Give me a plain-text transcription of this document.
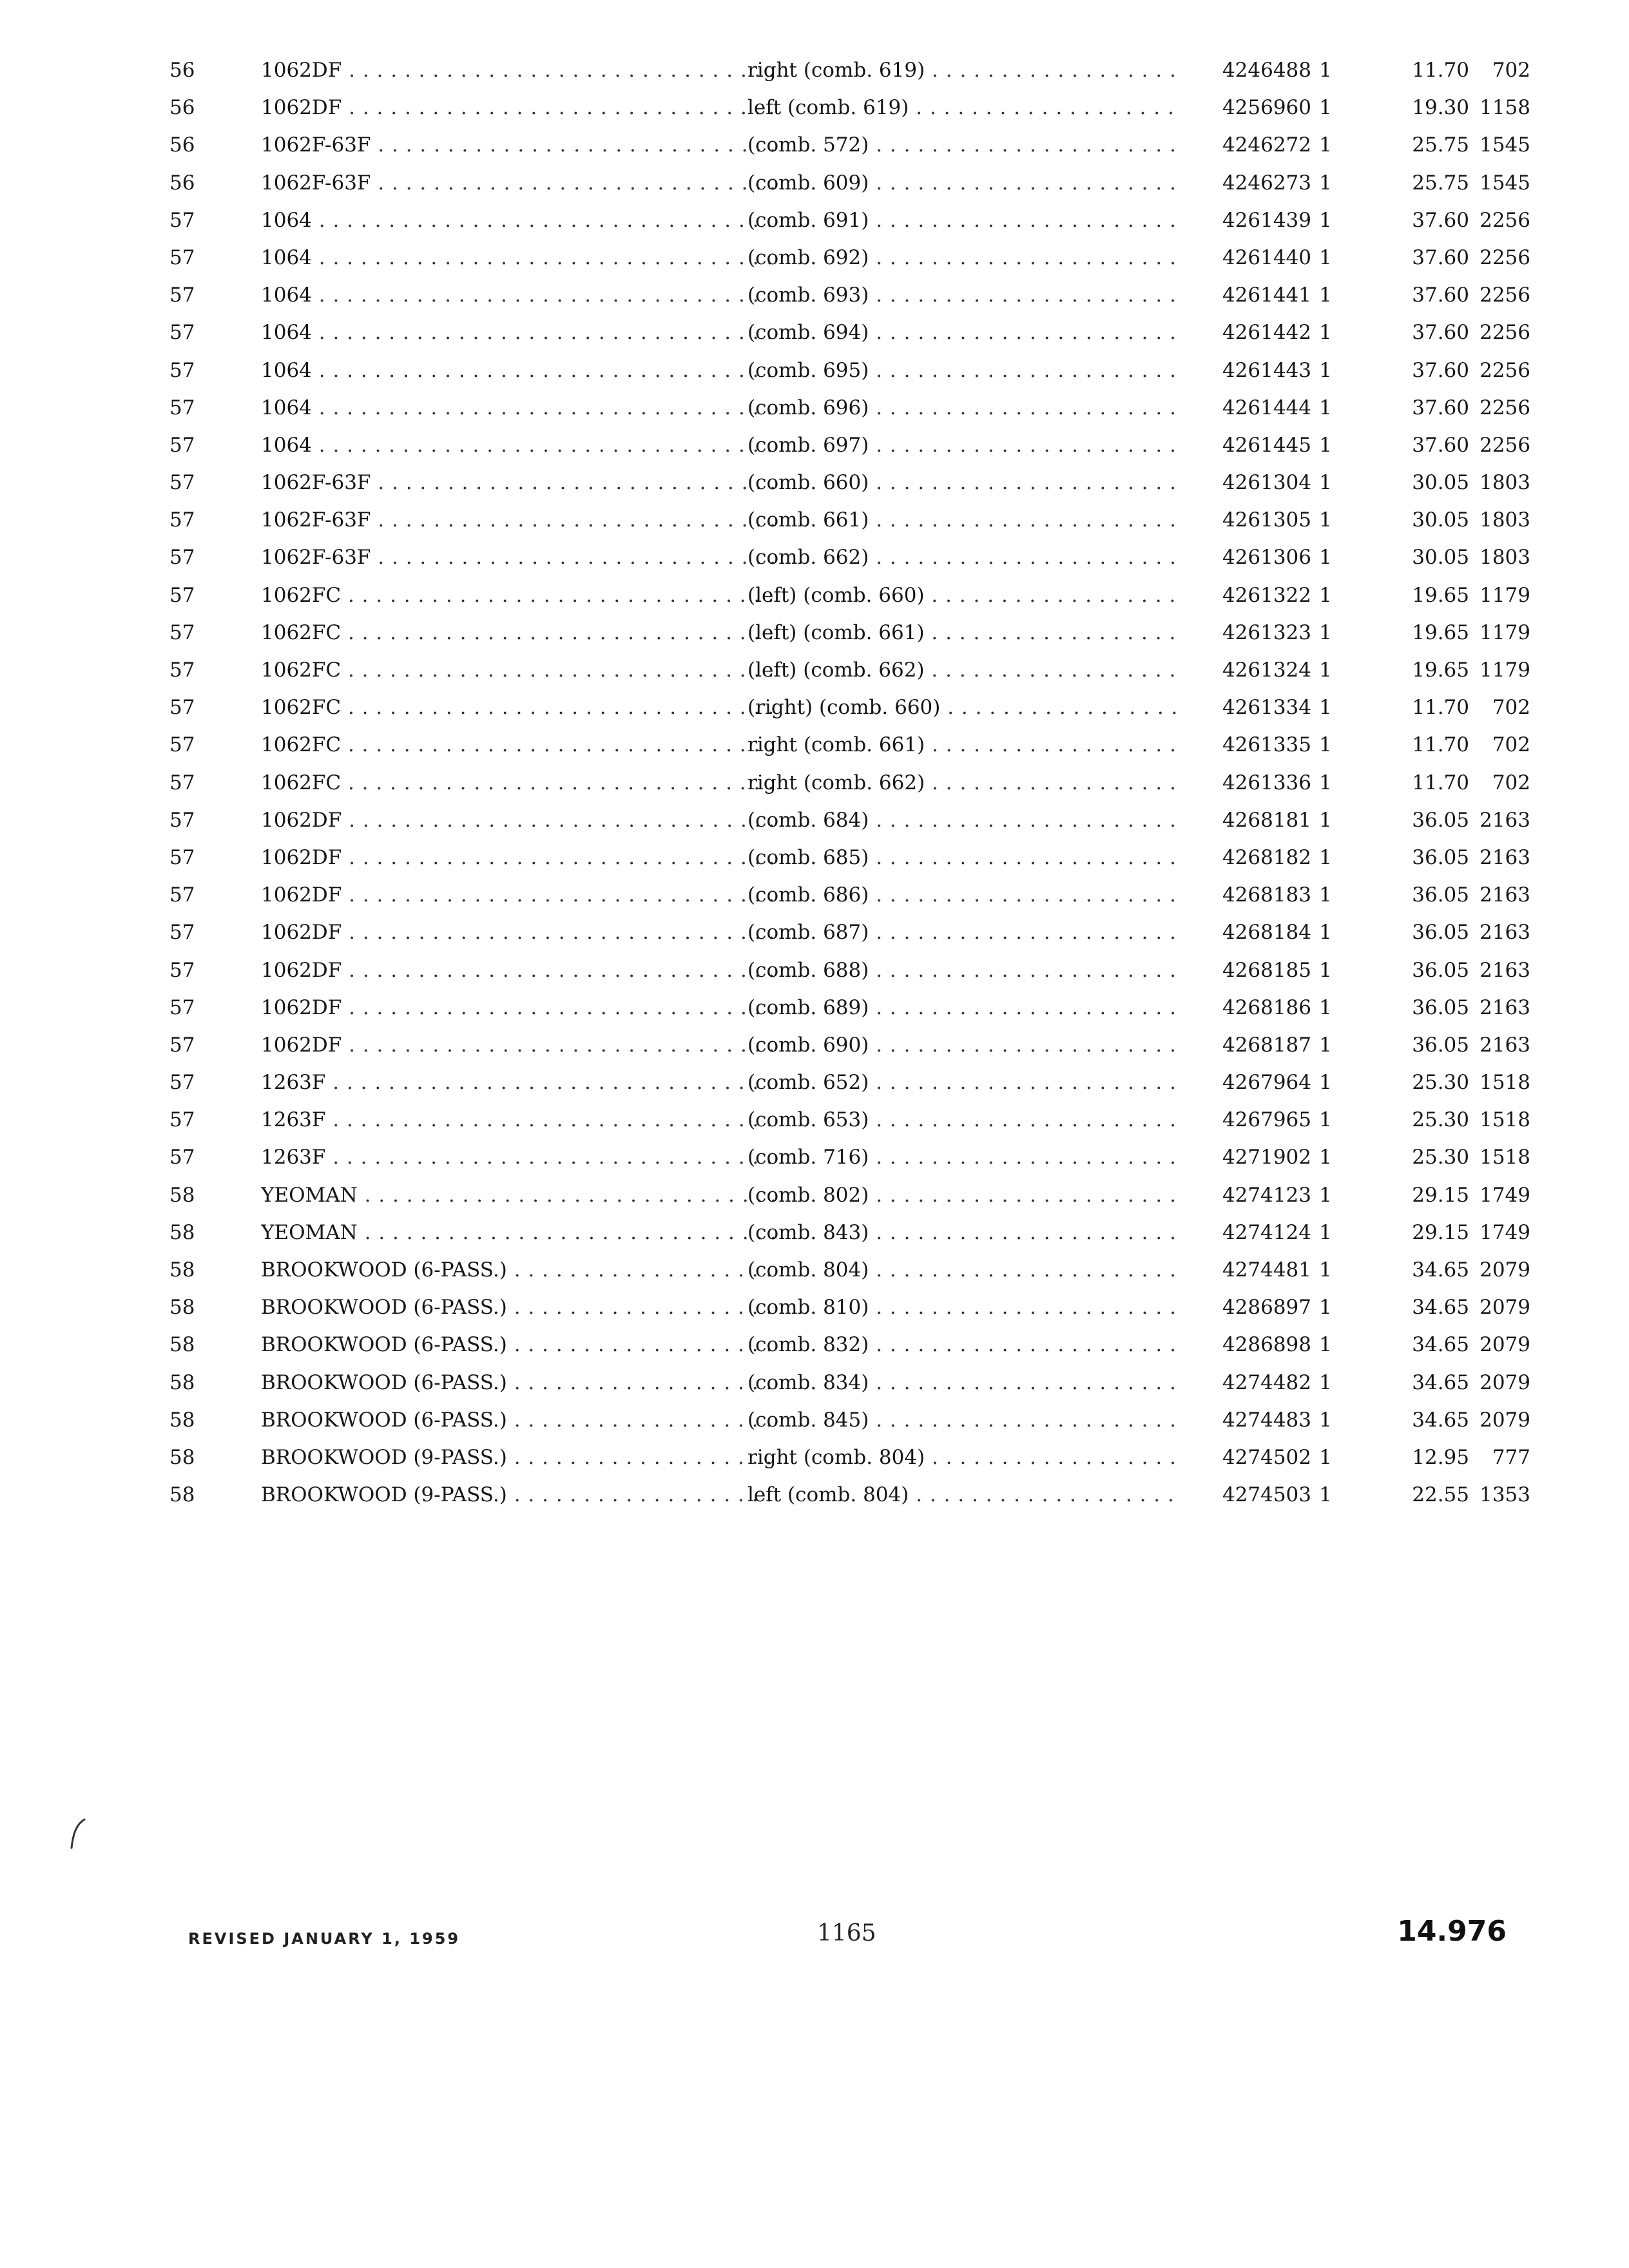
56	1062DF . . .	right (comb. 619) . . .	4246488 1	11.70	702
56	1062DF . . .	left (comb. 619) . . .	4256960 1	19.30 1158
56	1062F-63F . . .	(comb. 572) . . .	4246272 1	25.75 1545
56	1062F-63F . . .	(comb. 609) . . .	4246273 1	25.75 1545
57	1064 . . .	(comb. 691) . . .	4261439 1	37.60 2256
57	1064 . . .	(comb. 692) . . .	4261440 1	37.60 2256
57	1064 . . .	(comb. 693) . . .	4261441 1	37.60 2256
57	1064 . . .	(comb. 694) . . .	4261442 1	37.60 2256
57	1064 . . .	(comb. 695) . . .	4261443 1	37.60 2256
57	1064 . . .	(comb. 696) . . .	4261444 1	37.60 2256
57	1064 . . .	(comb. 697) . . .	4261445 1	37.60 2256
57	1062F-63F . . .	(comb. 660) . . .	4261304 1	30.05 1803
57	1062F-63F . . .	(comb. 661) . . .	4261305 1	30.05 1803
57	1062F-63F . . .	(comb. 662) . . .	4261306 1	30.05 1803
57	1062FC . . .	(left) (comb. 660) . . .	4261322 1	19.65 1179
57	1062FC . . .	(left) (comb. 661) . . .	4261323 1	19.65 1179
57	1062FC . . .	(left) (comb. 662) . . .	4261324 1	19.65 1179
57	1062FC . . .	(right) (comb. 660) . . .	4261334 1	11.70	702
57	1062FC . . .	right (comb. 661) . . .	4261335 1	11.70	702
57	1062FC . . .	right (comb. 662) . . .	4261336 1	11.70	702
57	1062DF . . .	(comb. 684) . . .	4268181 1	36.05 2163
57	1062DF . . .	(comb. 685) . . .	4268182 1	36.05 2163
57	1062DF . . .	(comb. 686) . . .	4268183 1	36.05 2163
57	1062DF . . .	(comb. 687) . . .	4268184 1	36.05 2163
57	1062DF . . .	(comb. 688) . . .	4268185 1	36.05 2163
57	1062DF . . .	(comb. 689) . . .	4268186 1	36.05 2163
57	1062DF . . .	(comb. 690) . . .	4268187 1	36.05 2163
57	1263F . . .	(comb. 652) . . .	4267964 1	25.30 1518
57	1263F . . .	(comb. 653) . . .	4267965 1	25.30 1518
57	1263F . . .	(comb. 716) . . .	4271902 1	25.30 1518
58	YEOMAN . . .	(comb. 802) . . .	4274123 1	29.15 1749
58	YEOMAN . . .	(comb. 843) . . .	4274124 1	29.15 1749
58	BROOKWOOD (6-PASS.) . . .	(comb. 804) . . .	4274481 1	34.65 2079
58	BROOKWOOD (6-PASS.) . . .	(comb. 810) . . .	4286897 1	34.65 2079
58	BROOKWOOD (6-PASS.) . . .	(comb. 832) . . .	4286898 1	34.65 2079
58	BROOKWOOD (6-PASS.) . . .	(comb. 834) . . .	4274482 1	34.65 2079
58	BROOKWOOD (6-PASS.) . . .	(comb. 845) . . .	4274483 1	34.65 2079
58	BROOKWOOD (9-PASS.) . . .	right (comb. 804) . . .	4274502 1	12.95	777
58	BROOKWOOD (9-PASS.) . . .	left (comb. 804) . . .	4274503 1	22.55 1353
REVISED JANUARY 1, 1959	1165	14.976
